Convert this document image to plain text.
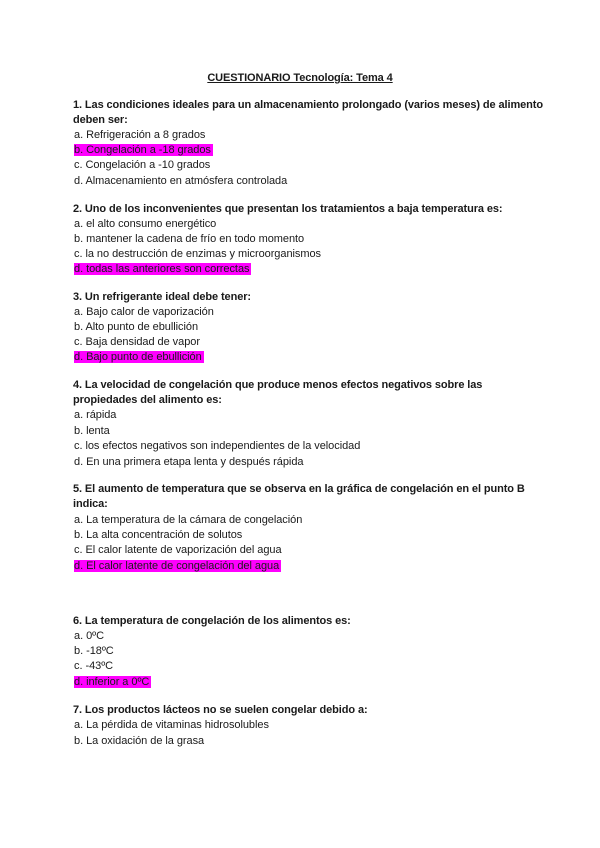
CUESTIONARIO Tecnología: Tema 4
1. Las condiciones ideales para un almacenamiento prolongado (varios meses) de alimento deben ser:
a. Refrigeración a 8 grados
b. Congelación a -18 grados
c. Congelación a -10 grados
d. Almacenamiento en atmósfera controlada
2. Uno de los inconvenientes que presentan los tratamientos a baja temperatura es:
a. el alto consumo energético
b. mantener la cadena de frío en todo momento
c. la no destrucción de enzimas y microorganismos
d. todas las anteriores son correctas
3. Un refrigerante ideal debe tener:
a. Bajo calor de vaporización
b. Alto punto de ebullición
c. Baja densidad de vapor
d. Bajo punto de ebullición
4. La velocidad de congelación que produce menos efectos negativos sobre las propiedades del alimento es:
a. rápida
b. lenta
c. los efectos negativos son independientes de la velocidad
d. En una primera etapa lenta y después rápida
5. El aumento de temperatura que se observa en la gráfica de congelación en el punto B indica:
a. La temperatura de la cámara de congelación
b. La alta concentración de solutos
c. El calor latente de vaporización del agua
d. El calor latente de congelación del agua
6. La temperatura de congelación de los alimentos es:
a. 0ºC
b. -18ºC
c. -43ºC
d. inferior a 0ºC
7. Los productos lácteos no se suelen congelar debido a:
a. La pérdida de vitaminas hidrosolubles
b. La oxidación de la grasa
